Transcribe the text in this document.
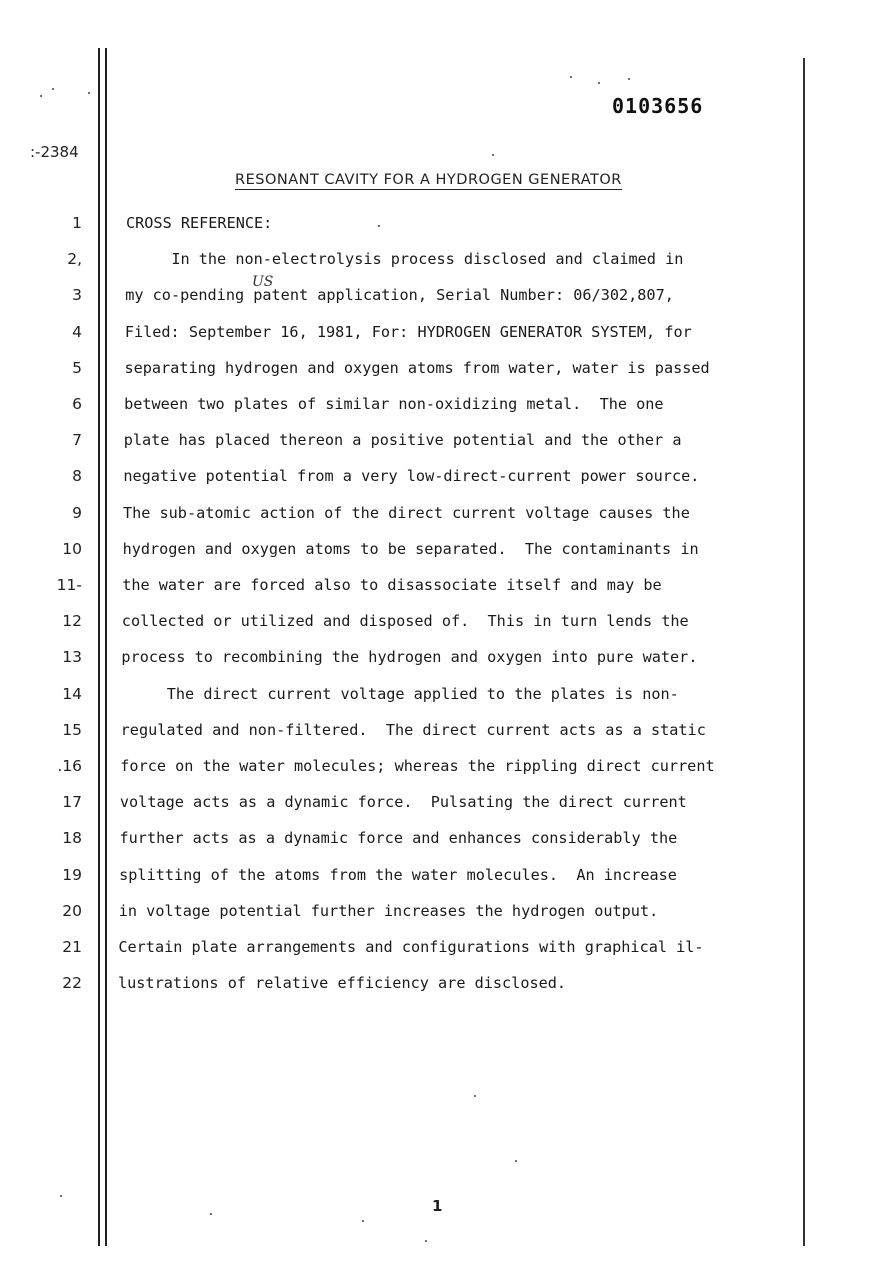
0103656
:-2384
RESONANT CAVITY FOR A HYDROGEN GENERATOR
US
1	CROSS REFERENCE:
2,	In the non-electrolysis process disclosed and claimed in
3	my co-pending patent application, Serial Number: 06/302,807,
4	Filed: September 16, 1981, For: HYDROGEN GENERATOR SYSTEM, for
5	separating hydrogen and oxygen atoms from water, water is passed
6	between two plates of similar non-oxidizing metal.  The one
7	plate has placed thereon a positive potential and the other a
8	negative potential from a very low-direct-current power source.
9	The sub-atomic action of the direct current voltage causes the
10	hydrogen and oxygen atoms to be separated.  The contaminants in
11-	the water are forced also to disassociate itself and may be
12	collected or utilized and disposed of.  This in turn lends the
13	process to recombining the hydrogen and oxygen into pure water.
14	The direct current voltage applied to the plates is non-
15	regulated and non-filtered.  The direct current acts as a static
.16	force on the water molecules; whereas the rippling direct current
17 voltage acts as a dynamic force.  Pulsating the direct current
18 further acts as a dynamic force and enhances considerably the
19 splitting of the atoms from the water molecules.  An increase
20 in voltage potential further increases the hydrogen output.
21 Certain plate arrangements and configurations with graphical il-
22 lustrations of relative efficiency are disclosed.
1
